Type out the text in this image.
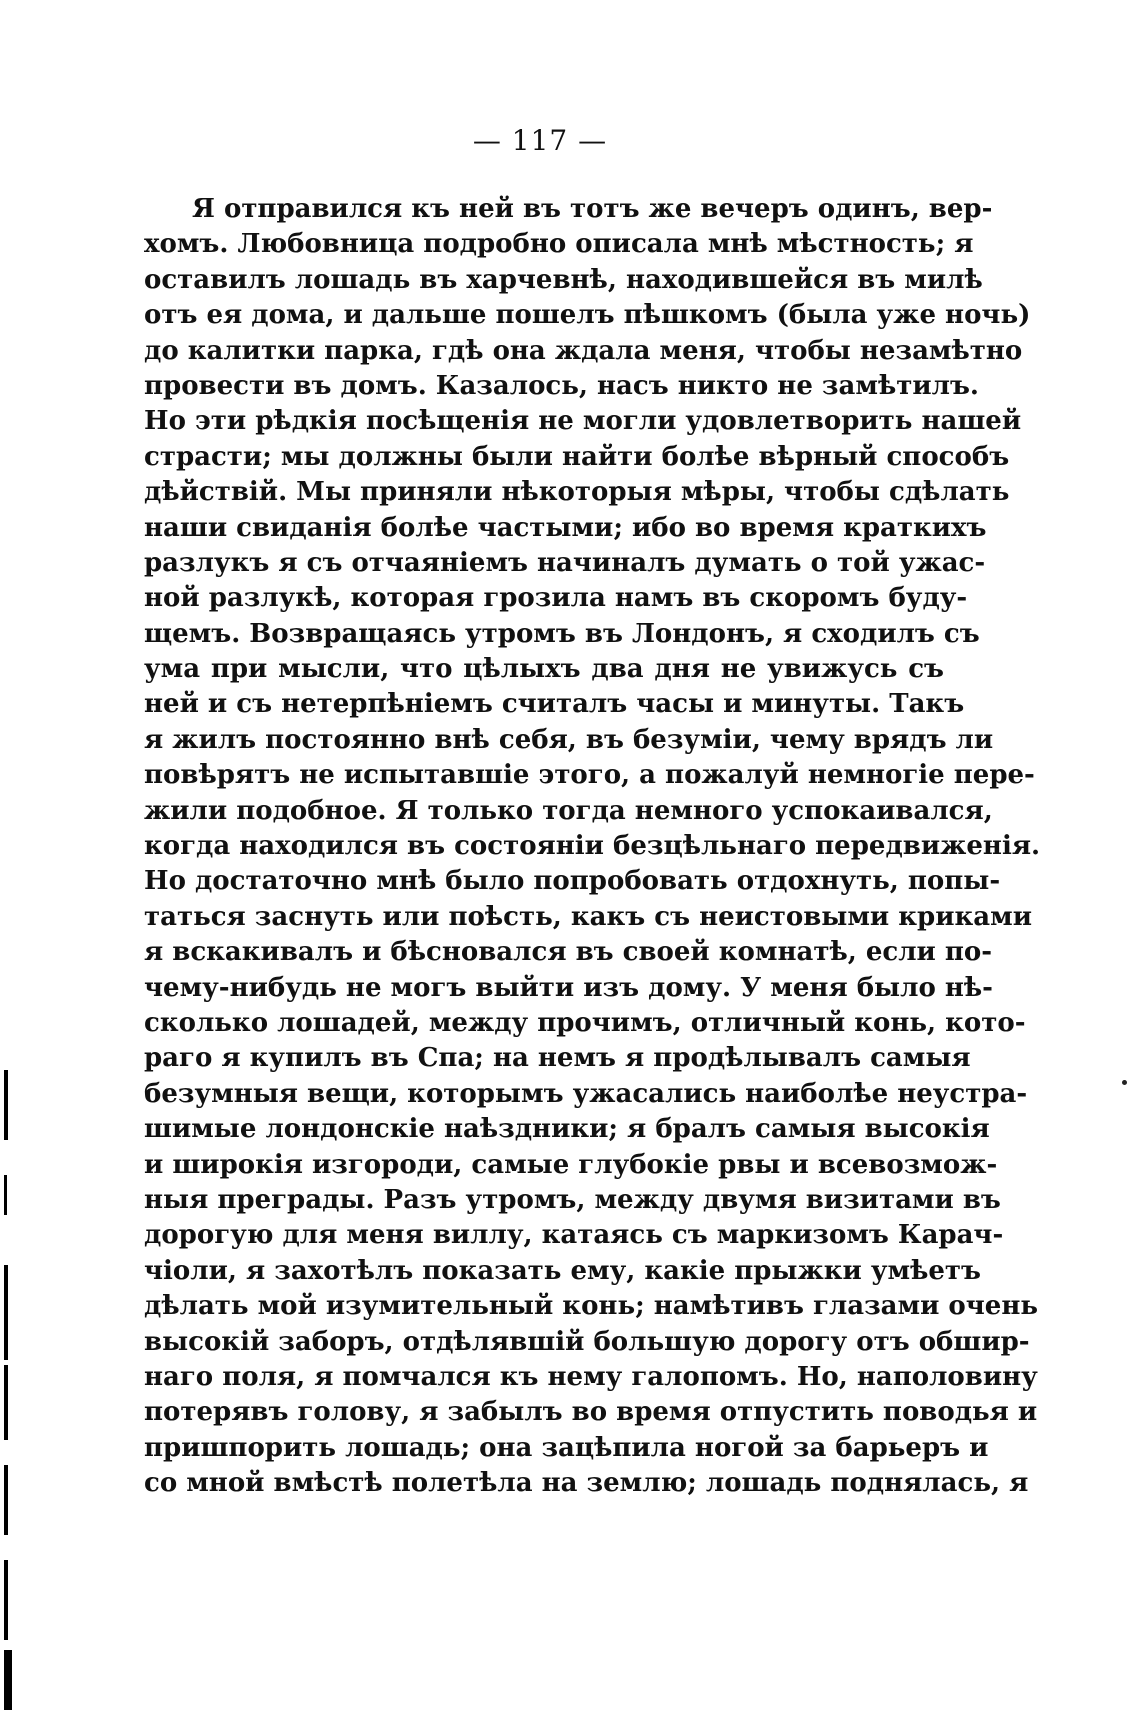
— 117 —
Я отправился къ ней въ тотъ же вечеръ одинъ, вер-
хомъ. Любовница подробно описала мнѣ мѣстность; я
оставилъ лошадь въ харчевнѣ, находившейся въ милѣ
отъ ея дома, и дальше пошелъ пѣшкомъ (была уже ночь)
до калитки парка, гдѣ она ждала меня, чтобы незамѣтно
провести въ домъ. Казалось, насъ никто не замѣтилъ.
Но эти рѣдкія посѣщенія не могли удовлетворить нашей
страсти; мы должны были найти болѣе вѣрный способъ
дѣйствій. Мы приняли нѣкоторыя мѣры, чтобы сдѣлать
наши свиданія болѣе частыми; ибо во время краткихъ
разлукъ я съ отчаяніемъ начиналъ думать о той ужас-
ной разлукѣ, которая грозила намъ въ скоромъ буду-
щемъ. Возвращаясь утромъ въ Лондонъ, я сходилъ съ
ума при мысли, что цѣлыхъ два дня не увижусь съ
ней и съ нетерпѣніемъ считалъ часы и минуты. Такъ
я жилъ постоянно внѣ себя, въ безуміи, чему врядъ ли
повѣрятъ не испытавшіе этого, а пожалуй немногіе пере-
жили подобное. Я только тогда немного успокаивался,
когда находился въ состояніи безцѣльнаго передвиженія.
Но достаточно мнѣ было попробовать отдохнуть, попы-
таться заснуть или поѣсть, какъ съ неистовыми криками
я вскакивалъ и бѣсновался въ своей комнатѣ, если по-
чему-нибудь не могъ выйти изъ дому. У меня было нѣ-
сколько лошадей, между прочимъ, отличный конь, кото-
раго я купилъ въ Спа; на немъ я продѣлывалъ самыя
безумныя вещи, которымъ ужасались наиболѣе неустра-
шимые лондонскіе наѣздники; я бралъ самыя высокія
и широкія изгороди, самые глубокіе рвы и всевозмож-
ныя преграды. Разъ утромъ, между двумя визитами въ
дорогую для меня виллу, катаясь съ маркизомъ Карач-
чіоли, я захотѣлъ показать ему, какіе прыжки умѣетъ
дѣлать мой изумительный конь; намѣтивъ глазами очень
высокій заборъ, отдѣлявшій большую дорогу отъ обшир-
наго поля, я помчался къ нему галопомъ. Но, наполовину
потерявъ голову, я забылъ во время отпустить поводья и
пришпорить лошадь; она зацѣпила ногой за барьеръ и
со мной вмѣстѣ полетѣла на землю; лошадь поднялась, я
